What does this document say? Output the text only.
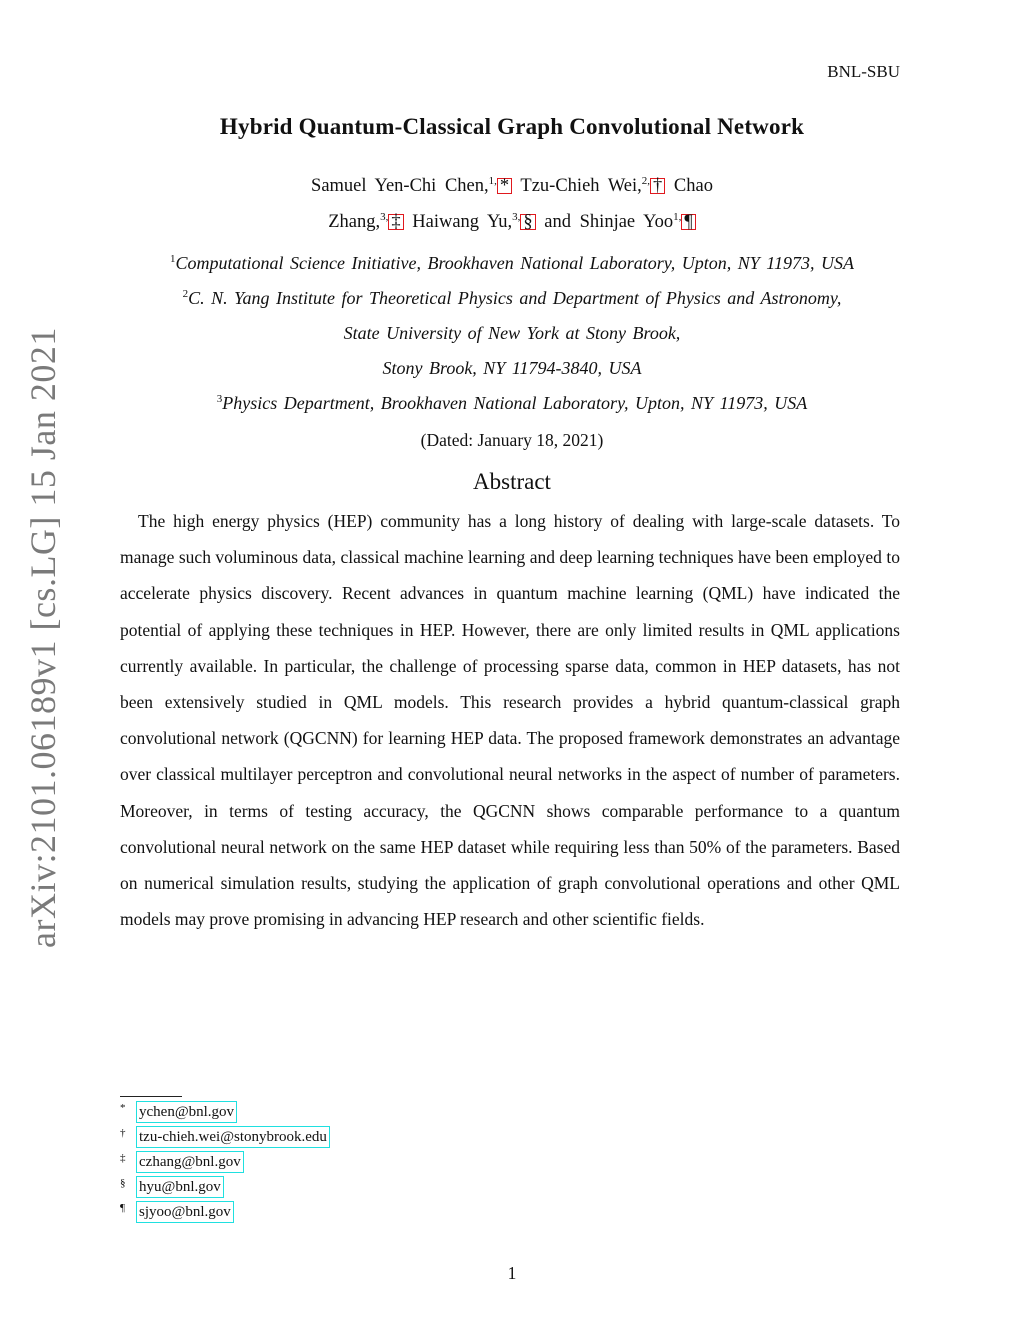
BNL-SBU
Hybrid Quantum-Classical Graph Convolutional Network
Samuel Yen-Chi Chen,$^{1,}$ * Tzu-Chieh Wei,$^{2,}$ † Chao
Zhang,$^{3,}$ ‡ Haiwang Yu,$^{3,}$ § and Shinjae Yoo$^{1,}$ ¶
$^1$Computational Science Initiative, Brookhaven National Laboratory, Upton, NY 11973, USA
$^2$C. N. Yang Institute for Theoretical Physics and Department of Physics and Astronomy,
State University of New York at Stony Brook,
Stony Brook, NY 11794-3840, USA
$^3$Physics Department, Brookhaven National Laboratory, Upton, NY 11973, USA
(Dated: January 18, 2021)
Abstract

The high energy physics (HEP) community has a long history of dealing with large-scale datasets. To manage such voluminous data, classical machine learning and deep learning techniques have been employed to accelerate physics discovery. Recent advances in quantum machine learning (QML) have indicated the potential of applying these techniques in HEP. However, there are only limited results in QML applications currently available. In particular, the challenge of processing sparse data, common in HEP datasets, has not been extensively studied in QML models. This research provides a hybrid quantum-classical graph convolutional network (QGCNN) for learning HEP data. The proposed framework demonstrates an advantage over classical multilayer perceptron and convolutional neural networks in the aspect of number of parameters. Moreover, in terms of testing accuracy, the QGCNN shows comparable performance to a quantum convolutional neural network on the same HEP dataset while requiring less than 50% of the parameters. Based on numerical simulation results, studying the application of graph convolutional operations and other QML models may prove promising in advancing HEP research and other scientific fields.

arXiv:2101.06189v1 [cs.LG] 15 Jan 2021
* ychen@bnl.gov
† tzu-chieh.wei@stonybrook.edu
‡ czhang@bnl.gov
§ hyu@bnl.gov
¶ sjyoo@bnl.gov
1
